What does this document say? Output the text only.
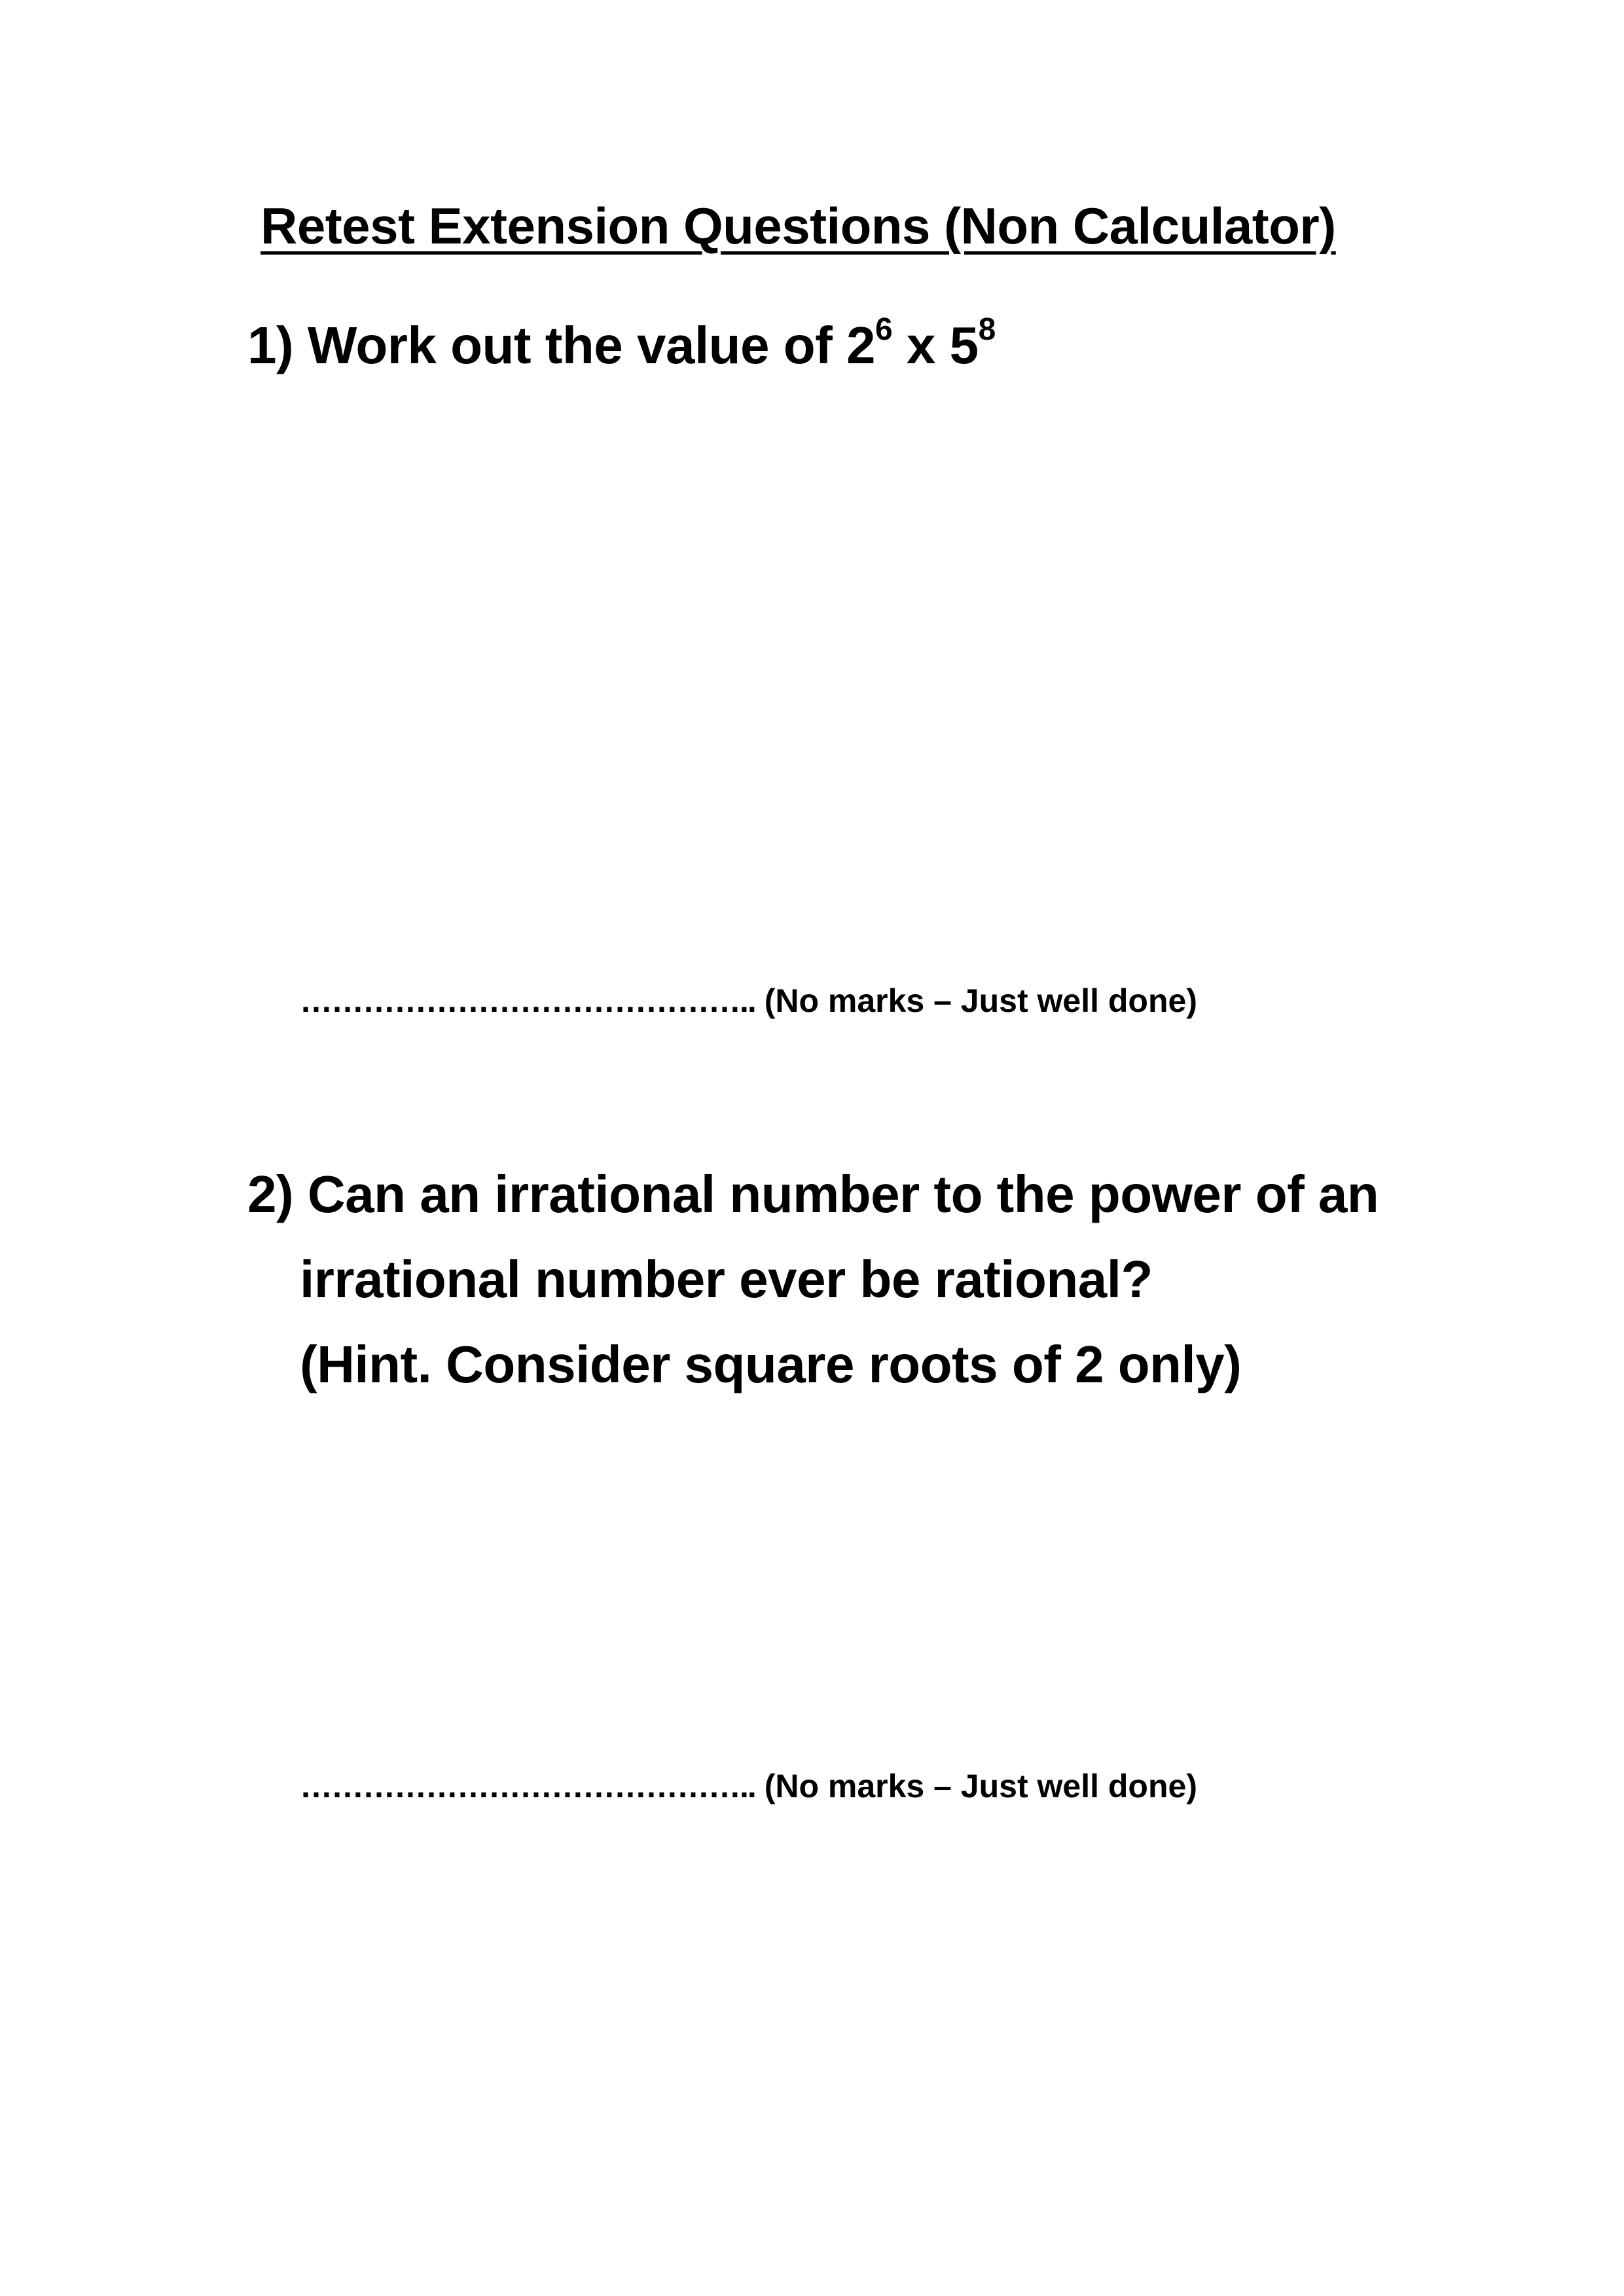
Retest Extension Questions (Non Calculator)
1) Work out the value of $2^6$ x $5^8$
…………………………………….. (No marks – Just well done)
2) Can an irrational number to the power of an
irrational number ever be rational?
(Hint. Consider square roots of 2 only)
…………………………………….. (No marks – Just well done)
